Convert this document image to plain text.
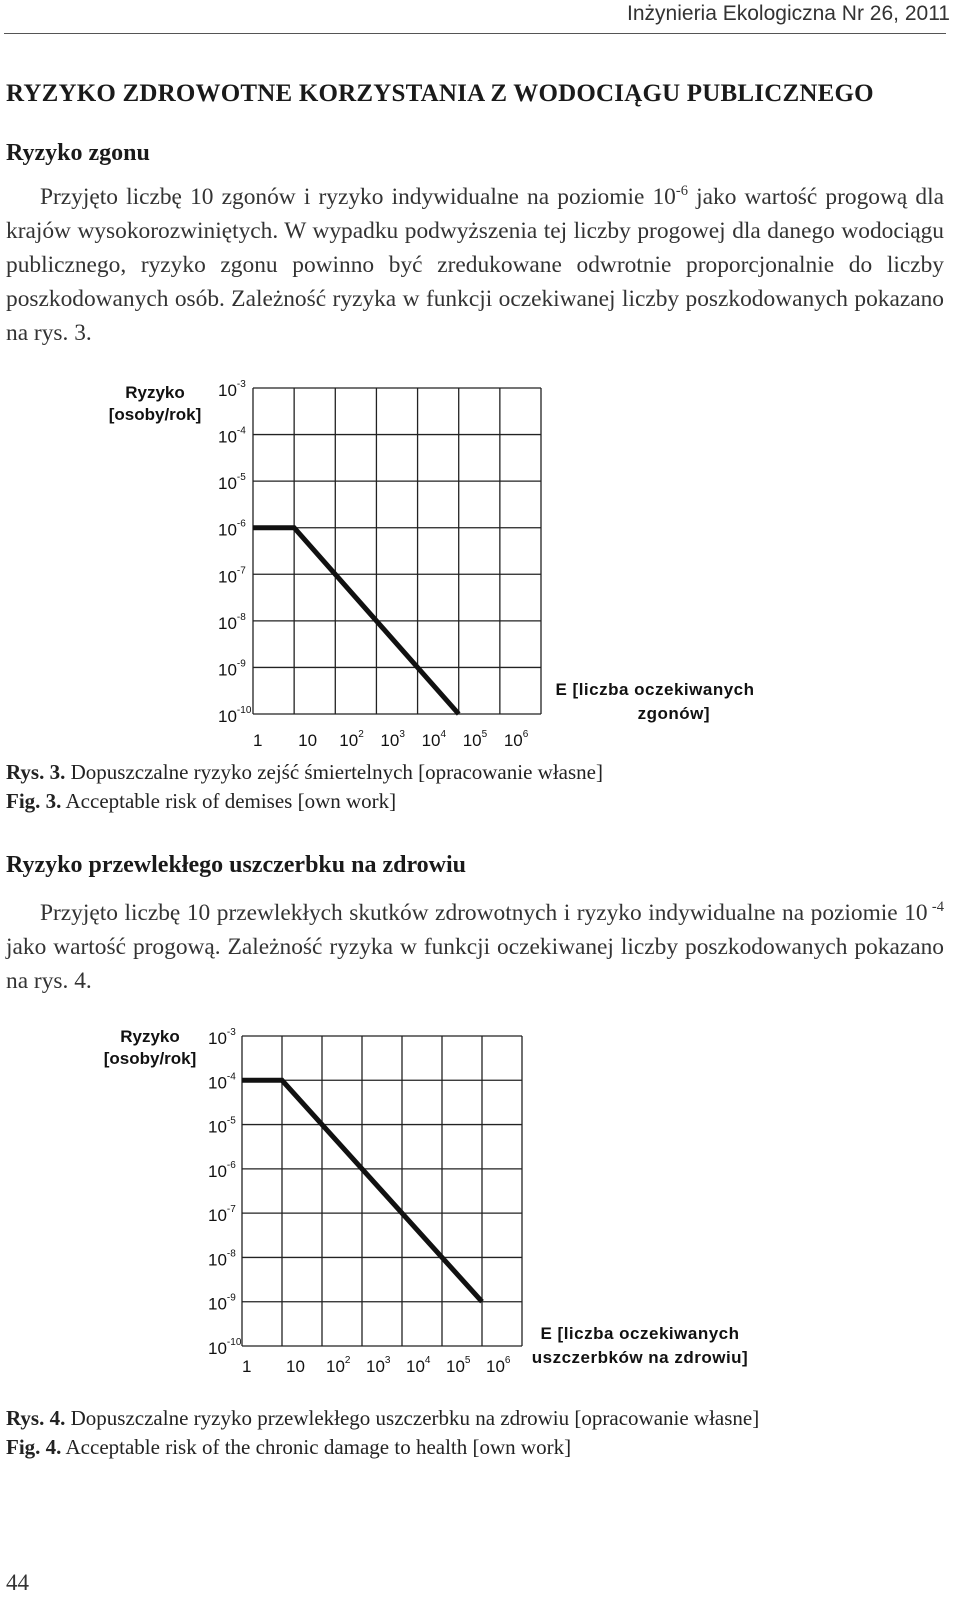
Inżynieria Ekologiczna Nr 26, 2011
RYZYKO ZDROWOTNE KORZYSTANIA Z WODOCIĄGU PUBLICZNEGO
Ryzyko zgonu
Przyjęto liczbę 10 zgonów i ryzyko indywidualne na poziomie $10^{-6}$ jako wartość progową dla krajów wysokorozwiniętych. W wypadku podwyższenia tej liczby progowej dla danego wodociągu publicznego, ryzyko zgonu powinno być zredukowane odwrotnie proporcjonalnie do liczby poszkodowanych osób. Zależność ryzyka w funkcji oczekiwanej liczby poszkodowanych pokazano na rys. 3.
$10^{-3}$
$10^{-4}$
$10^{-5}$
$10^{-6}$
$10^{-7}$
$10^{-8}$
$10^{-9}$
$10^{-10}$
1 10 $10^2$ $10^3$ $10^4$ $10^5$ $10^6$
Ryzyko
[osoby/rok]
E [liczba oczekiwanych
zgonów]
Rys. 3. Dopuszczalne ryzyko zejść śmiertelnych [opracowanie własne]
Fig. 3. Acceptable risk of demises [own work]
Ryzyko przewlekłego uszczerbku na zdrowiu
Przyjęto liczbę 10 przewlekłych skutków zdrowotnych i ryzyko indywidualne na poziomie 10 $^{-4}$ jako wartość progową. Zależność ryzyka w funkcji oczekiwanej liczby poszkodowanych pokazano na rys. 4.
$10^{-3}$
$10^{-4}$
$10^{-5}$
$10^{-6}$
$10^{-7}$
$10^{-8}$
$10^{-9}$
$10^{-10}$
1 10 $10^2$ $10^3$ $10^4$ $10^5$ $10^6$
Ryzyko
[osoby/rok]
E [liczba oczekiwanych
uszczerbków na zdrowiu]
Rys. 4. Dopuszczalne ryzyko przewlekłego uszczerbku na zdrowiu [opracowanie własne]
Fig. 4. Acceptable risk of the chronic damage to health [own work]
44
